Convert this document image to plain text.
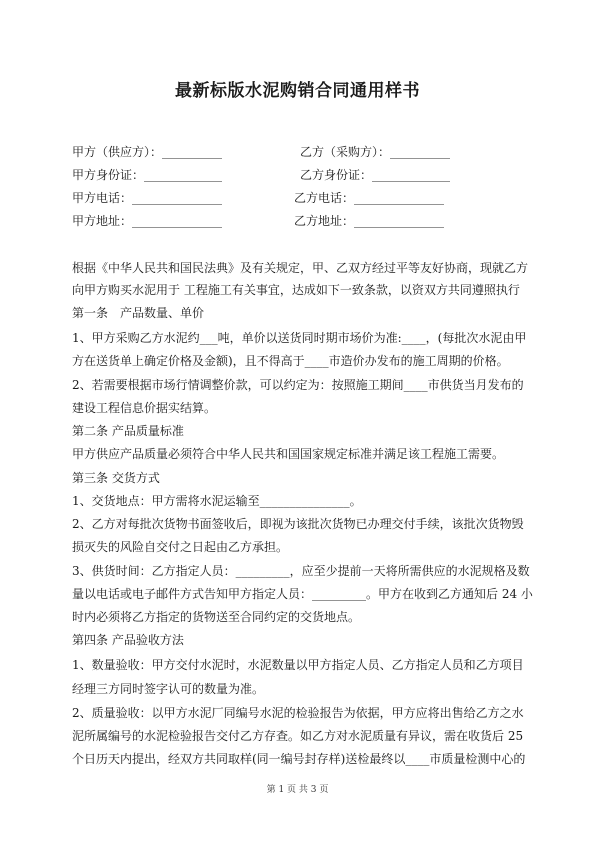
最新标版水泥购销合同通用样书
甲方（供应方）：__________	乙方（采购方）：__________
甲方身份证：_____________	乙方身份证：_____________
甲方电话：_______________	乙方电话：_______________
甲方地址：_______________	乙方地址：_______________
根据《中华人民共和国民法典》及有关规定，甲、乙双方经过平等友好协商，现就乙方
向甲方购买水泥用于 工程施工有关事宜，达成如下一致条款，以资双方共同遵照执行
第一条　产品数量、单价
1、甲方采购乙方水泥约___吨，单价以送货同时期市场价为准:____，(每批次水泥由甲
方在送货单上确定价格及金额)，且不得高于____市造价办发布的施工周期的价格。
2、若需要根据市场行情调整价款，可以约定为：按照施工期间____市供货当月发布的
建设工程信息价据实结算。
第二条 产品质量标准
甲方供应产品质量必须符合中华人民共和国国家规定标准并满足该工程施工需要。
第三条 交货方式
1、交货地点：甲方需将水泥运输至_______________。
2、乙方对每批次货物书面签收后，即视为该批次货物已办理交付手续，该批次货物毁
损灭失的风险自交付之日起由乙方承担。
3、供货时间：乙方指定人员：_________，应至少提前一天将所需供应的水泥规格及数
量以电话或电子邮件方式告知甲方指定人员：_________。甲方在收到乙方通知后 24 小
时内必须将乙方指定的货物送至合同约定的交货地点。
第四条 产品验收方法
1、数量验收：甲方交付水泥时，水泥数量以甲方指定人员、乙方指定人员和乙方项目
经理三方同时签字认可的数量为准。
2、质量验收：以甲方水泥厂同编号水泥的检验报告为依据，甲方应将出售给乙方之水
泥所属编号的水泥检验报告交付乙方存查。如乙方对水泥质量有异议，需在收货后 25
个日历天内提出，经双方共同取样(同一编号封存样)送检最终以____市质量检测中心的
第 1 页 共 3 页
